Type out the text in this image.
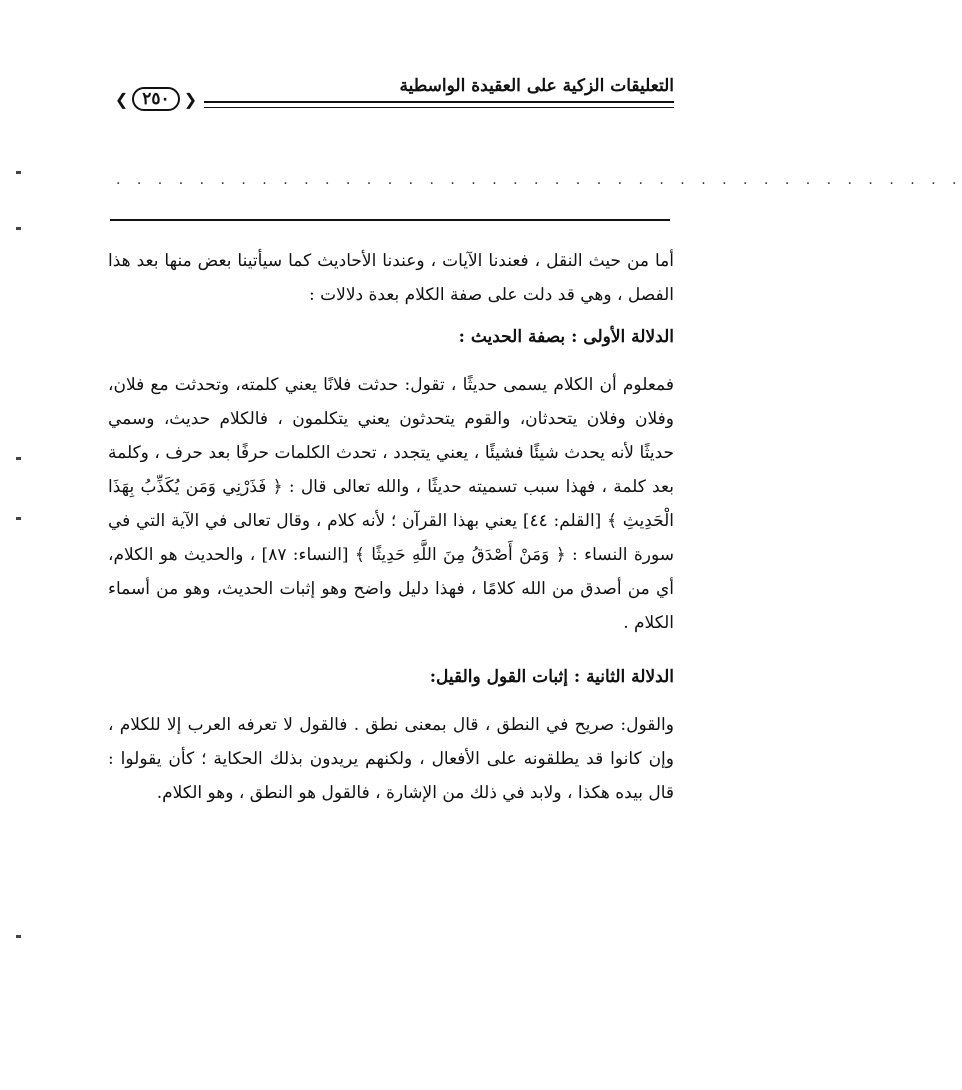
التعليقات الزكية على العقيدة الواسطية
❮ ٢٥٠ ❯
. . . . . . . . . . . . . . . . . . . . . . . . . . . . . . . . . . . . . . . . .

أما من حيث النقل ، فعندنا الآيات ، وعندنا الأحاديث كما سيأتينا بعض منها بعد هذا الفصل ، وهي قد دلت على صفة الكلام بعدة دلالات :

الدلالة الأولى : بصفة الحديث :

فمعلوم أن الكلام يسمى حديثًا ، تقول: حدثت فلانًا يعني كلمته، وتحدثت مع فلان، وفلان وفلان يتحدثان، والقوم يتحدثون يعني يتكلمون ، فالكلام حديث، وسمي حديثًا لأنه يحدث شيئًا فشيئًا ، يعني يتجدد ، تحدث الكلمات حرفًا بعد حرف ، وكلمة بعد كلمة ، فهذا سبب تسميته حديثًا ، والله تعالى قال : ﴿ فَذَرْنِي وَمَن يُكَذِّبُ بِهَذَا الْحَدِيثِ ﴾ [القلم: ٤٤] يعني بهذا القرآن ؛ لأنه كلام ، وقال تعالى في الآية التي في سورة النساء : ﴿ وَمَنْ أَصْدَقُ مِنَ اللَّهِ حَدِيثًا ﴾ [النساء: ٨٧] ، والحديث هو الكلام، أي من أصدق من الله كلامًا ، فهذا دليل واضح وهو إثبات الحديث، وهو من أسماء الكلام .

الدلالة الثانية : إثبات القول والقيل:

والقول: صريح في النطق ، قال بمعنى نطق . فالقول لا تعرفه العرب إلا للكلام ، وإن كانوا قد يطلقونه على الأفعال ، ولكنهم يريدون بذلك الحكاية ؛ كأن يقولوا : قال بيده هكذا ، ولابد في ذلك من الإشارة ، فالقول هو النطق ، وهو الكلام.
